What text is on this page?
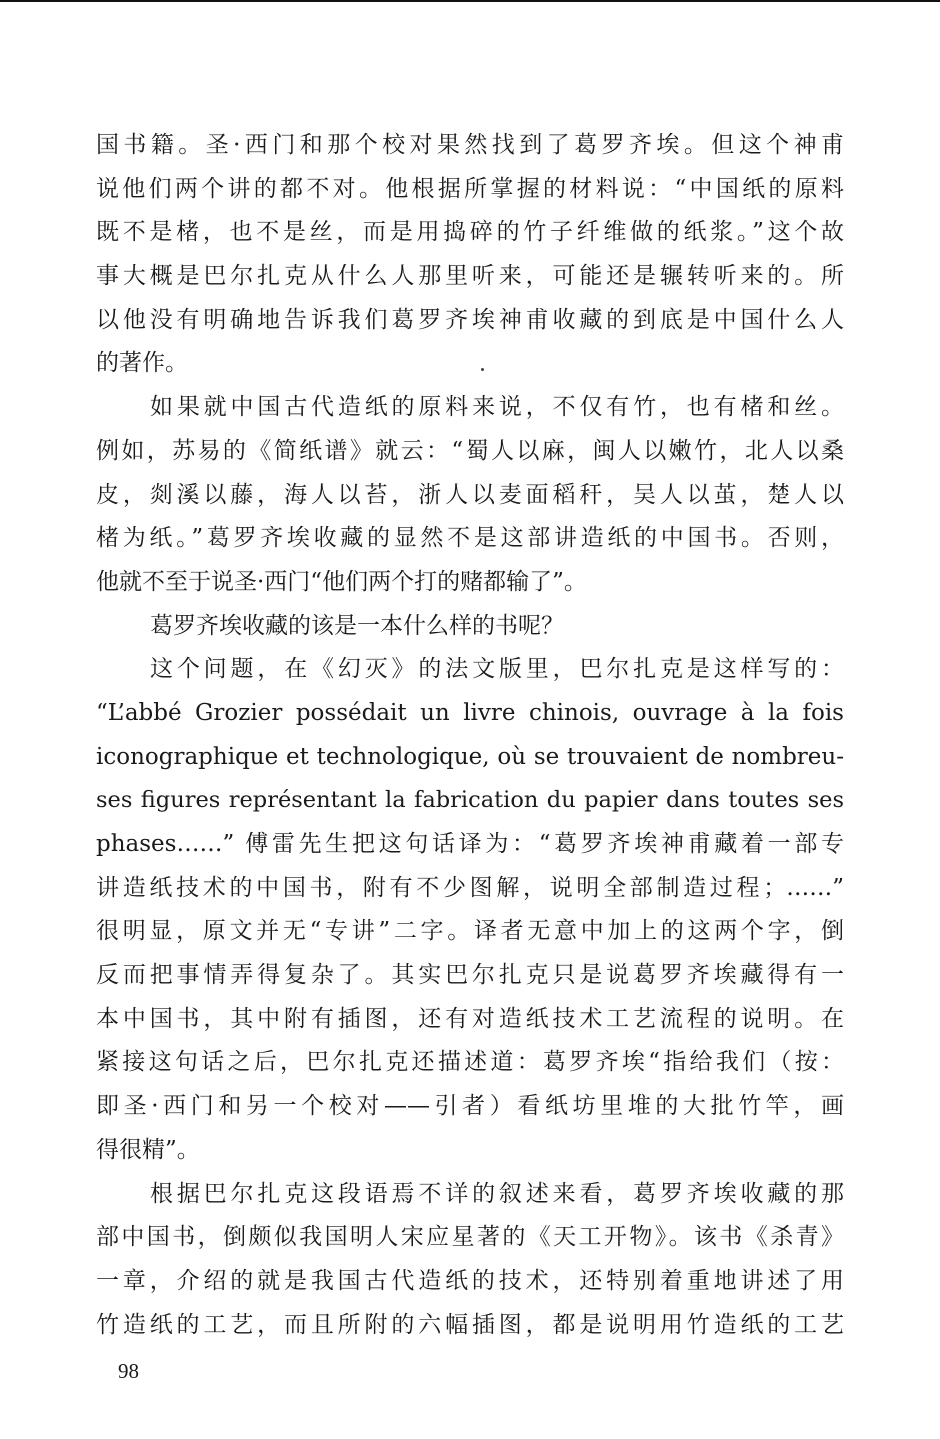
国书籍。圣·西门和那个校对果然找到了葛罗齐埃。但这个神甫
说他们两个讲的都不对。他根据所掌握的材料说：“中国纸的原料
既不是楮，也不是丝，而是用捣碎的竹子纤维做的纸浆。”这个故
事大概是巴尔扎克从什么人那里听来，可能还是辗转听来的。所
以他没有明确地告诉我们葛罗齐埃神甫收藏的到底是中国什么人
的著作。
如果就中国古代造纸的原料来说，不仅有竹，也有楮和丝。
例如，苏易的《简纸谱》就云：“蜀人以麻，闽人以嫩竹，北人以桑
皮，剡溪以藤，海人以苔，浙人以麦面稻秆，吴人以茧，楚人以
楮为纸。”葛罗齐埃收藏的显然不是这部讲造纸的中国书。否则，
他就不至于说圣·西门“他们两个打的赌都输了”。
葛罗齐埃收藏的该是一本什么样的书呢？
这个问题，在《幻灭》的法文版里，巴尔扎克是这样写的：
“L’abbé Grozier possédait un livre chinois, ouvrage à la fois
iconographique et technologique, où se trouvaient de nombreu-
ses figures représentant la fabrication du papier dans toutes ses
phases……” 傅雷先生把这句话译为：“葛罗齐埃神甫藏着一部专
讲造纸技术的中国书，附有不少图解，说明全部制造过程；……”
很明显，原文并无“专讲”二字。译者无意中加上的这两个字，倒
反而把事情弄得复杂了。其实巴尔扎克只是说葛罗齐埃藏得有一
本中国书，其中附有插图，还有对造纸技术工艺流程的说明。在
紧接这句话之后，巴尔扎克还描述道：葛罗齐埃“指给我们（按：
即圣·西门和另一个校对——引者）看纸坊里堆的大批竹竿，画
得很精”。
根据巴尔扎克这段语焉不详的叙述来看，葛罗齐埃收藏的那
部中国书，倒颇似我国明人宋应星著的《天工开物》。该书《杀青》
一章，介绍的就是我国古代造纸的技术，还特别着重地讲述了用
竹造纸的工艺，而且所附的六幅插图，都是说明用竹造纸的工艺
98
